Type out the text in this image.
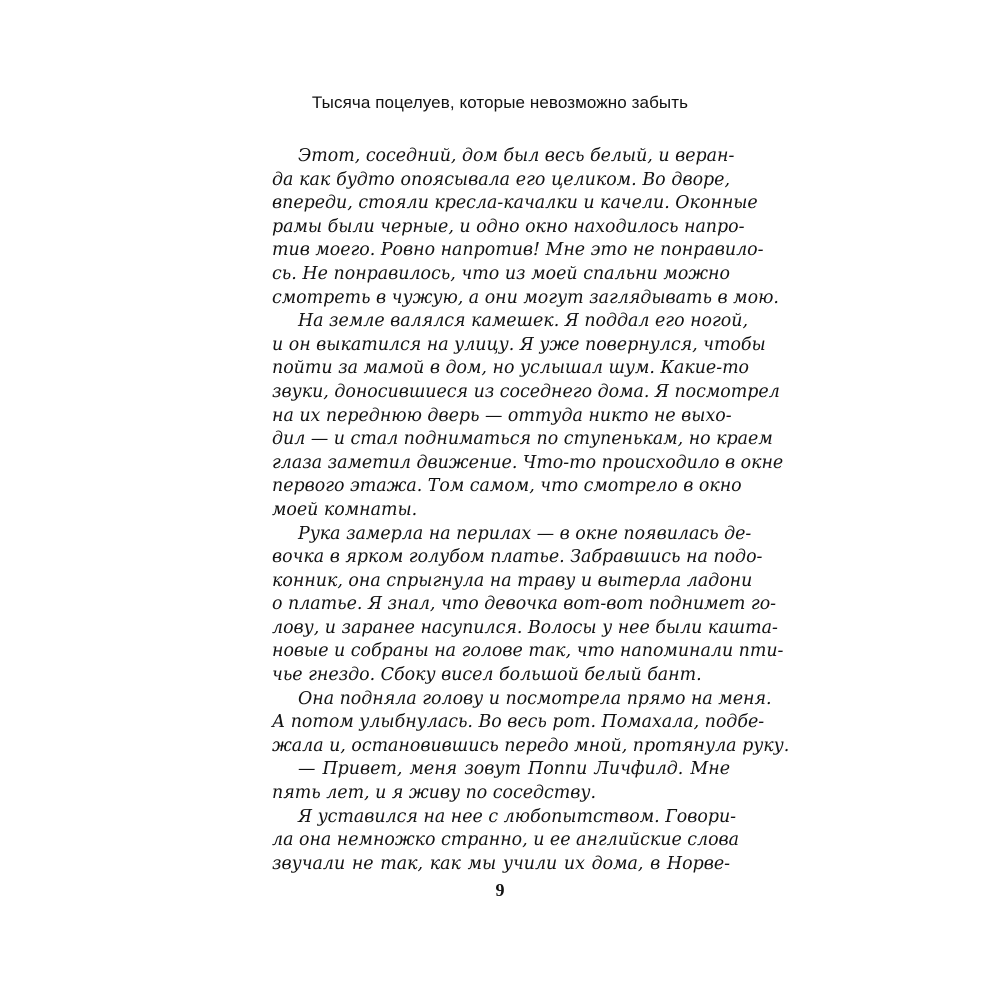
Тысяча поцелуев, которые невозможно забыть
Этот, соседний, дом был весь белый, и веран-
да как будто опоясывала его целиком. Во дворе,
впереди, стояли кресла-качалки и качели. Оконные
рамы были черные, и одно окно находилось напро-
тив моего. Ровно напротив! Мне это не понравило-
сь. Не понравилось, что из моей спальни можно
смотреть в чужую, а они могут заглядывать в мою.
На земле валялся камешек. Я поддал его ногой,
и он выкатился на улицу. Я уже повернулся, чтобы
пойти за мамой в дом, но услышал шум. Какие-то
звуки, доносившиеся из соседнего дома. Я посмотрел
на их переднюю дверь — оттуда никто не выхо-
дил — и стал подниматься по ступенькам, но краем
глаза заметил движение. Что-то происходило в окне
первого этажа. Том самом, что смотрело в окно
моей комнаты.
Рука замерла на перилах — в окне появилась де-
вочка в ярком голубом платье. Забравшись на подо-
конник, она спрыгнула на траву и вытерла ладони
о платье. Я знал, что девочка вот-вот поднимет го-
лову, и заранее насупился. Волосы у нее были кашта-
новые и собраны на голове так, что напоминали пти-
чье гнездо. Сбоку висел большой белый бант.
Она подняла голову и посмотрела прямо на меня.
А потом улыбнулась. Во весь рот. Помахала, подбе-
жала и, остановившись передо мной, протянула руку.
— Привет, меня зовут Поппи Личфилд. Мне
пять лет, и я живу по соседству.
Я уставился на нее с любопытством. Говори-
ла она немножко странно, и ее английские слова
звучали не так, как мы учили их дома, в Норве-
9
